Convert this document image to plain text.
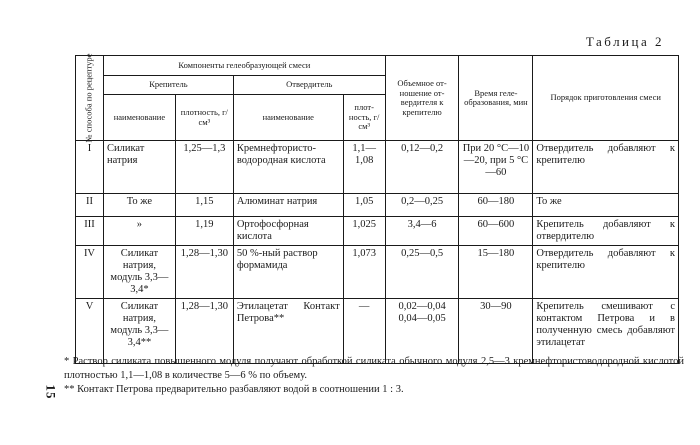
15
Таблица 2
№ способа по рецептуре	Компоненты гелеобразующей смеси				Объемное от-ношение от-вердителя к крепителю	Время геле-образования, мин	Порядок приготовления смеси
	Крепитель		Отвердитель				
	наименование	плотность, г/см³	наименование	плот-ность, г/см³			
I	Силикат натрия	1,25—1,3	Кремнефтористо-водородная кислота	1,1—1,08	0,12—0,2	При 20 °С—10—20, при 5 °С—60	Отвердитель добавляют к крепителю
II	То же	1,15	Алюминат натрия	1,05	0,2—0,25	60—180	То же
III	»	1,19	Ортофосфорная кислота	1,025	3,4—6	60—600	Крепитель добавляют к отвердителю
IV	Силикат натрия, модуль 3,3—3,4*	1,28—1,30	50 %-ный раствор формамида	1,073	0,25—0,5	15—180	Отвердитель добавляют к крепителю
V	Силикат натрия, модуль 3,3—3,4**	1,28—1,30	Этилацетат Контакт Петрова**	—	0,02—0,04 0,04—0,05	30—90	Крепитель смешивают с контактом Петрова и в полученную смесь добавляют этилацетат

* Раствор силиката повышенного модуля получают обработкой силиката обычного модуля 2,5—3 кремнефтористоводородной кислотой плотностью 1,1—1,08 в количестве 5—6 % по объему.

** Контакт Петрова предварительно разбавляют водой в соотношении 1 : 3.
